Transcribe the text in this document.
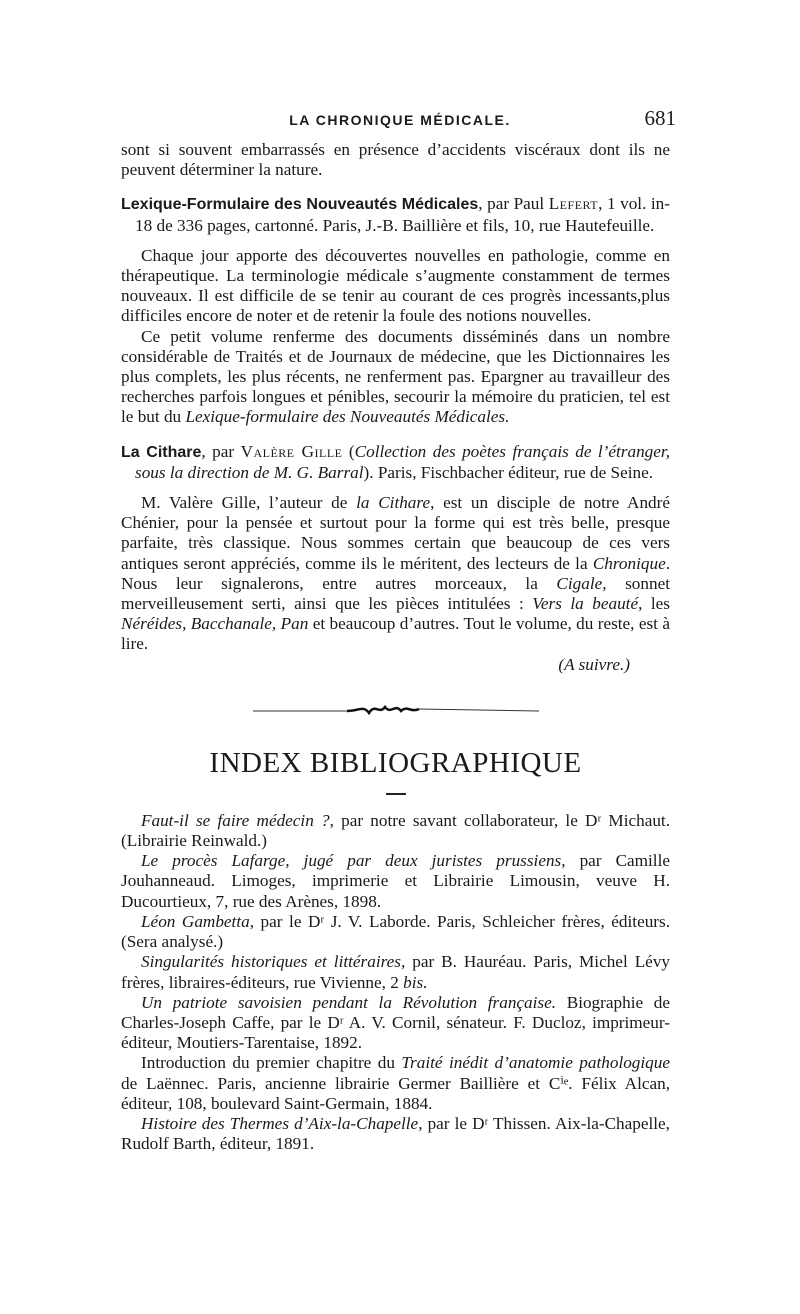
LA CHRONIQUE MÉDICALE.	681

sont si souvent embarrassés en présence d’accidents viscéraux dont ils ne peuvent déterminer la nature.

Lexique-Formulaire des Nouveautés Médicales, par Paul Lefert, 1 vol. in-18 de 336 pages, cartonné. Paris, J.-B. Baillière et fils, 10, rue Hautefeuille.

Chaque jour apporte des découvertes nouvelles en pathologie, comme en thérapeutique. La terminologie médicale s’augmente constamment de termes nouveaux. Il est difficile de se tenir au courant de ces progrès incessants,plus difficiles encore de noter et de retenir la foule des notions nouvelles.

Ce petit volume renferme des documents disséminés dans un nombre considérable de Traités et de Journaux de médecine, que les Dictionnaires les plus complets, les plus récents, ne renferment pas. Epargner au travailleur des recherches parfois longues et pénibles, secourir la mémoire du praticien, tel est le but du Lexique-formulaire des Nouveautés Médicales.

La Cithare, par Valère Gille (Collection des poètes français de l’étranger, sous la direction de M. G. Barral). Paris, Fischbacher éditeur, rue de Seine.

M. Valère Gille, l’auteur de la Cithare, est un disciple de notre André Chénier, pour la pensée et surtout pour la forme qui est très belle, presque parfaite, très classique. Nous sommes certain que beaucoup de ces vers antiques seront appréciés, comme ils le méritent, des lecteurs de la Chronique. Nous leur signalerons, entre autres morceaux, la Cigale, sonnet merveilleusement serti, ainsi que les pièces intitulées : Vers la beauté, les Néréides, Bacchanale, Pan et beaucoup d’autres. Tout le volume, du reste, est à lire.

(A suivre.)

INDEX BIBLIOGRAPHIQUE

Faut-il se faire médecin ?, par notre savant collaborateur, le Dʳ Michaut. (Librairie Reinwald.)

Le procès Lafarge, jugé par deux juristes prussiens, par Camille Jouhanneaud. Limoges, imprimerie et Librairie Limousin, veuve H. Ducourtieux, 7, rue des Arènes, 1898.

Léon Gambetta, par le Dʳ J. V. Laborde. Paris, Schleicher frères, éditeurs. (Sera analysé.)

Singularités historiques et littéraires, par B. Hauréau. Paris, Michel Lévy frères, libraires-éditeurs, rue Vivienne, 2 bis.

Un patriote savoisien pendant la Révolution française. Biographie de Charles-Joseph Caffe, par le Dʳ A. V. Cornil, sénateur. F. Ducloz, imprimeur-éditeur, Moutiers-Tarentaise, 1892.

Introduction du premier chapitre du Traité inédit d’anatomie pathologique de Laënnec. Paris, ancienne librairie Germer Baillière et Cⁱᵉ. Félix Alcan, éditeur, 108, boulevard Saint-Germain, 1884.

Histoire des Thermes d’Aix-la-Chapelle, par le Dʳ Thissen. Aix-la-Chapelle, Rudolf Barth, éditeur, 1891.
